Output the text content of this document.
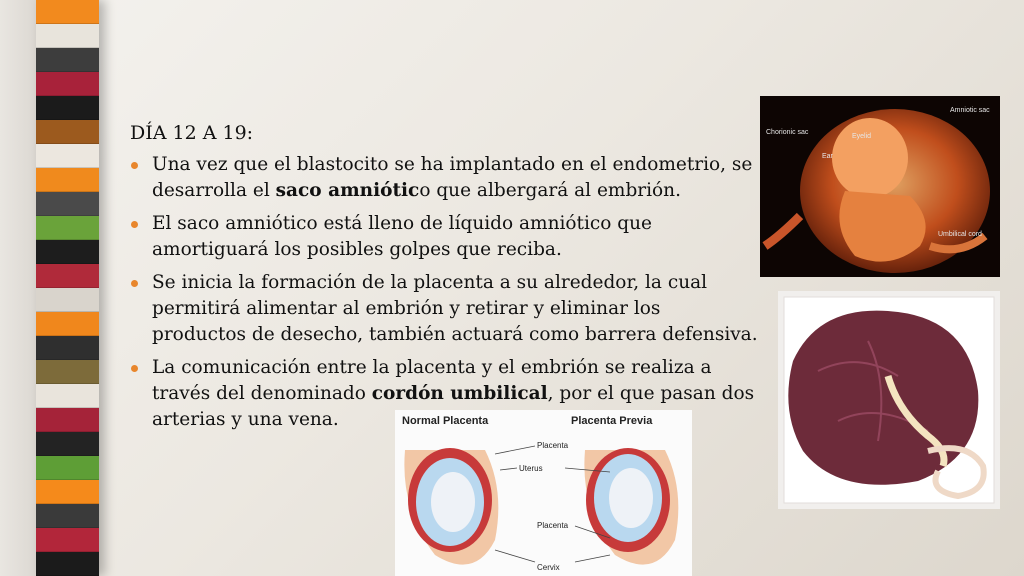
DÍA 12 A 19:
Una vez que el blastocito se ha implantado en el endometrio, se desarrolla el saco amniótico que albergará al embrión.
El saco amniótico está lleno de líquido amniótico que amortiguará los posibles golpes que reciba.
Se inicia la formación de la placenta a su alrededor, la cual permitirá alimentar al embrión y retirar y eliminar los productos de desecho, también actuará como barrera defensiva.
La comunicación entre la placenta y el embrión se realiza a través del denominado cordón umbilical, por el que pasan dos arterias y una vena.
Amniotic sac
Chorionic sac
Eyelid
Ear
Umbilical cord
Normal Placenta	Placenta Previa
Placenta
Uterus
Placenta
Cervix
